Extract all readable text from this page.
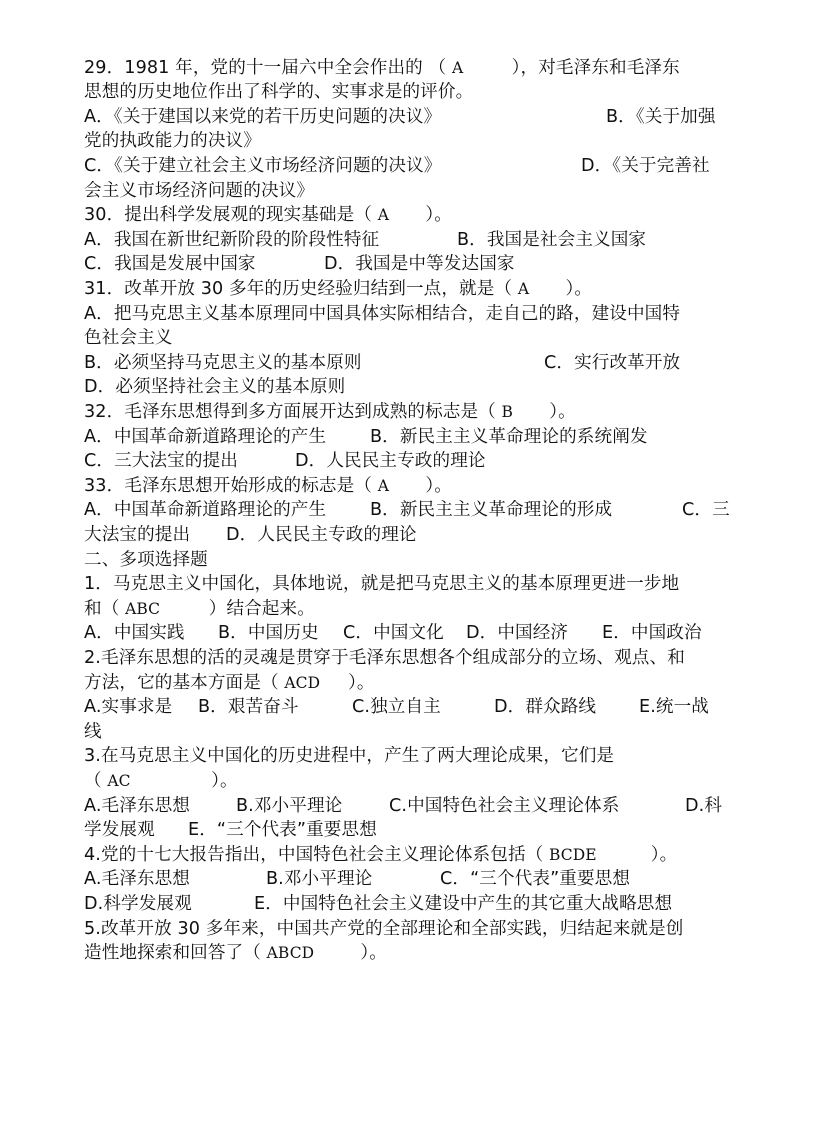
29．1981 年，党的十一届六中全会作出的 （ A ），对毛泽东和毛泽东
思想的历史地位作出了科学的、实事求是的评价。
A．《关于建国以来党的若干历史问题的决议》	B．《关于加强
党的执政能力的决议》
C．《关于建立社会主义市场经济问题的决议》	D．《关于完善社
会主义市场经济问题的决议》
30．提出科学发展观的现实基础是（ A ）。
A．我国在新世纪新阶段的阶段性特征	B．我国是社会主义国家
C．我国是发展中国家	D．我国是中等发达国家
31．改革开放 30 多年的历史经验归结到一点，就是（ A ）。
A．把马克思主义基本原理同中国具体实际相结合，走自己的路，建设中国特
色社会主义
B．必须坚持马克思主义的基本原则	C．实行改革开放
D．必须坚持社会主义的基本原则
32．毛泽东思想得到多方面展开达到成熟的标志是（ B ）。
A．中国革命新道路理论的产生 B．新民主主义革命理论的系统阐发
C．三大法宝的提出	D．人民民主专政的理论
33．毛泽东思想开始形成的标志是（ A ）。
A．中国革命新道路理论的产生 B．新民主主义革命理论的形成	C．三
大法宝的提出 D．人民民主专政的理论
二、多项选择题
1．马克思主义中国化，具体地说，就是把马克思主义的基本原理更进一步地
和（ ABC ）结合起来。
A．中国实践 B．中国历史 C．中国文化 D．中国经济 E．中国政治
2.毛泽东思想的活的灵魂是贯穿于毛泽东思想各个组成部分的立场、观点、和
方法，它的基本方面是（ ACD ）。
A.实事求是 B．艰苦奋斗	C.独立自主	D．群众路线 E.统一战
线
3.在马克思主义中国化的历史进程中，产生了两大理论成果，它们是
（ AC	）。
A.毛泽东思想	B.邓小平理论	C.中国特色社会主义理论体系	D.科
学发展观 E．“三个代表”重要思想
4.党的十七大报告指出，中国特色社会主义理论体系包括（ BCDE	）。
A.毛泽东思想	B.邓小平理论	C．“三个代表”重要思想
D.科学发展观	E．中国特色社会主义建设中产生的其它重大战略思想
5.改革开放 30 多年来，中国共产党的全部理论和全部实践，归结起来就是创
造性地探索和回答了（ ABCD ）。
